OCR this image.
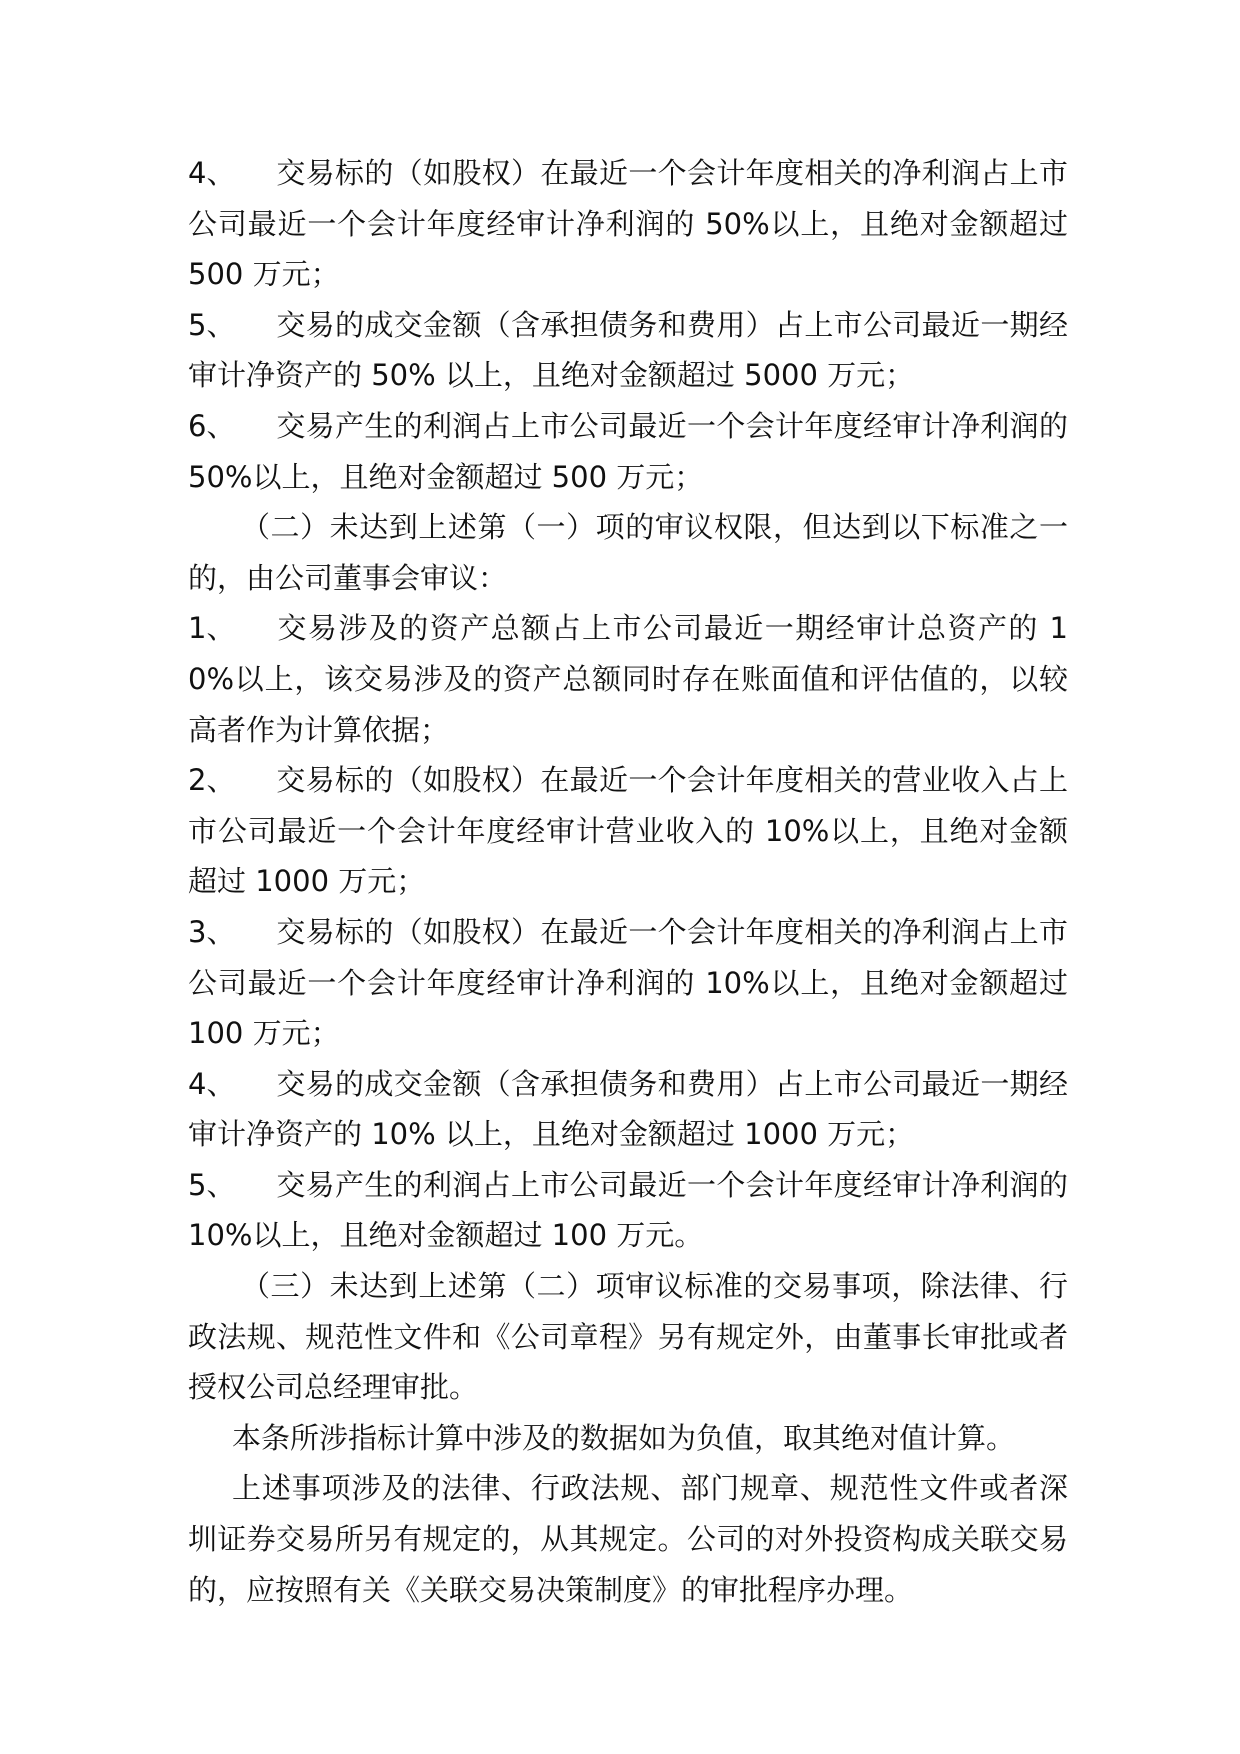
4、 交易标的（如股权）在最近一个会计年度相关的净利润占上市公司最近一个会计年度经审计净利润的 50%以上，且绝对金额超过 500 万元；

5、 交易的成交金额（含承担债务和费用）占上市公司最近一期经审计净资产的 50% 以上，且绝对金额超过 5000 万元；

6、 交易产生的利润占上市公司最近一个会计年度经审计净利润的 50%以上，且绝对金额超过 500 万元；

（二）未达到上述第（一）项的审议权限，但达到以下标准之一的，由公司董事会审议：

1、 交易涉及的资产总额占上市公司最近一期经审计总资产的 10%以上，该交易涉及的资产总额同时存在账面值和评估值的，以较高者作为计算依据；

2、 交易标的（如股权）在最近一个会计年度相关的营业收入占上市公司最近一个会计年度经审计营业收入的 10%以上，且绝对金额超过 1000 万元；

3、 交易标的（如股权）在最近一个会计年度相关的净利润占上市公司最近一个会计年度经审计净利润的 10%以上，且绝对金额超过 100 万元；

4、 交易的成交金额（含承担债务和费用）占上市公司最近一期经审计净资产的 10% 以上，且绝对金额超过 1000 万元；

5、 交易产生的利润占上市公司最近一个会计年度经审计净利润的 10%以上，且绝对金额超过 100 万元。

（三）未达到上述第（二）项审议标准的交易事项，除法律、行政法规、规范性文件和《公司章程》另有规定外，由董事长审批或者授权公司总经理审批。

本条所涉指标计算中涉及的数据如为负值，取其绝对值计算。

上述事项涉及的法律、行政法规、部门规章、规范性文件或者深圳证券交易所另有规定的，从其规定。公司的对外投资构成关联交易的，应按照有关《关联交易决策制度》的审批程序办理。
